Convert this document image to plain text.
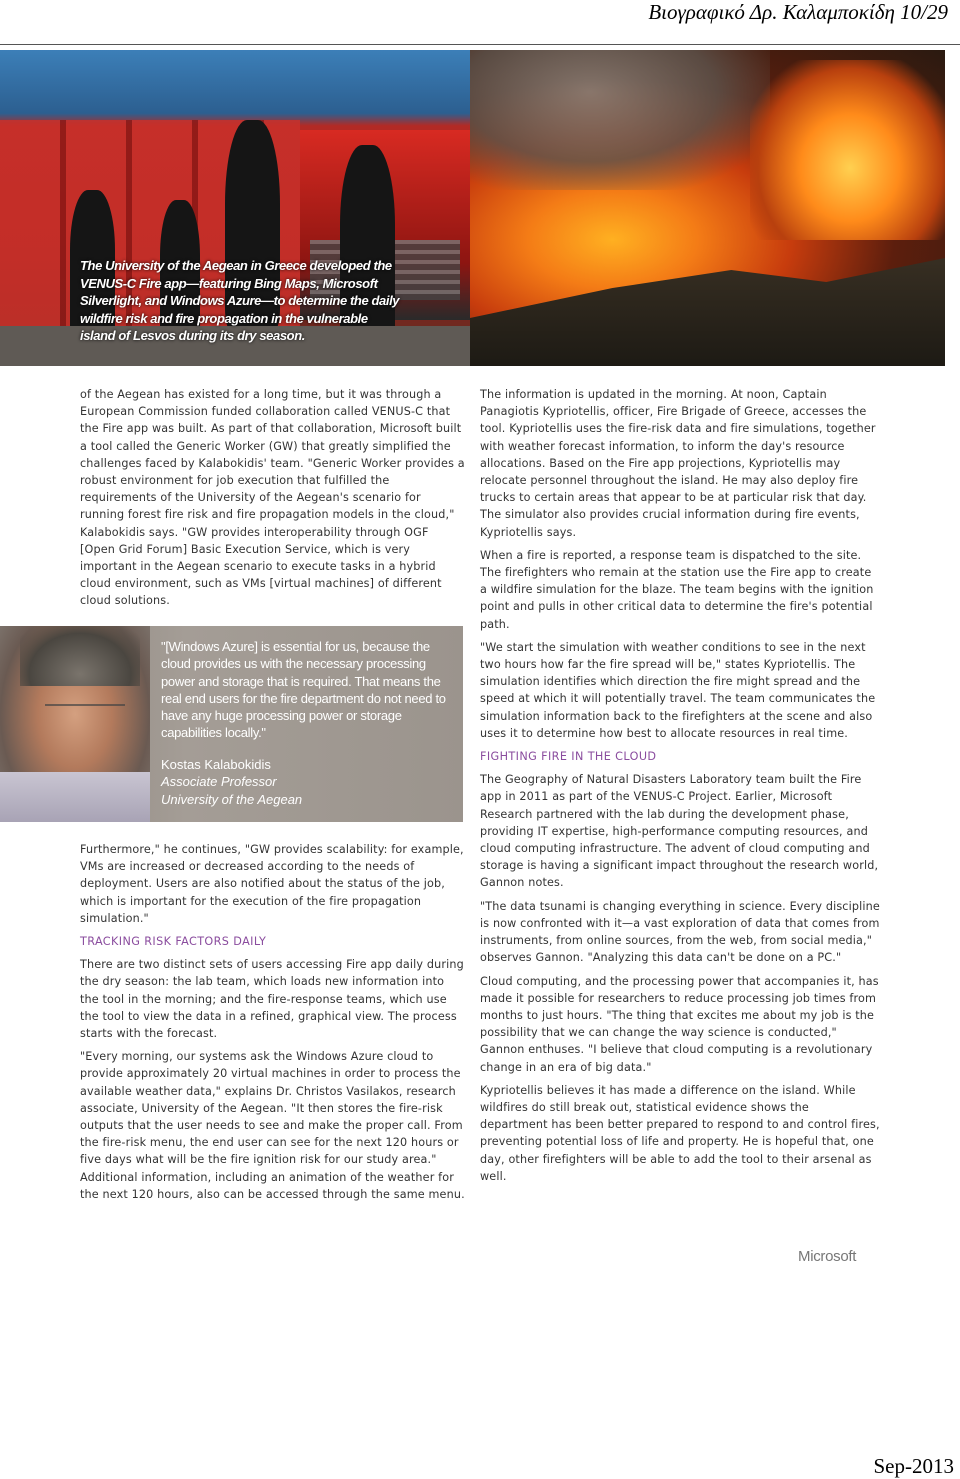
Βιογραφικό Δρ. Καλαμποκίδη 10/29
The University of the Aegean in Greece developed the VENUS-C Fire app—featuring Bing Maps, Microsoft Silverlight, and Windows Azure—to determine the daily wildfire risk and fire propagation in the vulnerable island of Lesvos during its dry season.

of the Aegean has existed for a long time, but it was through a European Commission funded collaboration called VENUS-C that the Fire app was built. As part of that collaboration, Microsoft built a tool called the Generic Worker (GW) that greatly simplified the challenges faced by Kalabokidis' team. "Generic Worker provides a robust environment for job execution that fulfilled the requirements of the University of the Aegean's scenario for running forest fire risk and fire propagation models in the cloud," Kalabokidis says. "GW provides interoperability through OGF [Open Grid Forum] Basic Execution Service, which is very important in the Aegean scenario to execute tasks in a hybrid cloud environment, such as VMs [virtual machines] of different cloud solutions.

"[Windows Azure] is essential for us, because the cloud provides us with the necessary processing power and storage that is required. That means the real end users for the fire department do not need to have any huge processing power or storage capabilities locally."
Kostas Kalabokidis
Associate Professor
University of the Aegean

Furthermore," he continues, "GW provides scalability: for example, VMs are increased or decreased according to the needs of deployment. Users are also notified about the status of the job, which is important for the execution of the fire propagation simulation."

TRACKING RISK FACTORS DAILY

There are two distinct sets of users accessing Fire app daily during the dry season: the lab team, which loads new information into the tool in the morning; and the fire-response teams, which use the tool to view the data in a refined, graphical view. The process starts with the forecast.

"Every morning, our systems ask the Windows Azure cloud to provide approximately 20 virtual machines in order to process the available weather data," explains Dr. Christos Vasilakos, research associate, University of the Aegean. "It then stores the fire-risk outputs that the user needs to see and make the proper call. From the fire-risk menu, the end user can see for the next 120 hours or five days what will be the fire ignition risk for our study area." Additional information, including an animation of the weather for the next 120 hours, also can be accessed through the same menu.

The information is updated in the morning. At noon, Captain Panagiotis Kypriotellis, officer, Fire Brigade of Greece, accesses the tool. Kypriotellis uses the fire-risk data and fire simulations, together with weather forecast information, to inform the day's resource allocations. Based on the Fire app projections, Kypriotellis may relocate personnel throughout the island. He may also deploy fire trucks to certain areas that appear to be at particular risk that day. The simulator also provides crucial information during fire events, Kypriotellis says.

When a fire is reported, a response team is dispatched to the site. The firefighters who remain at the station use the Fire app to create a wildfire simulation for the blaze. The team begins with the ignition point and pulls in other critical data to determine the fire's potential path.

"We start the simulation with weather conditions to see in the next two hours how far the fire spread will be," states Kypriotellis. The simulation identifies which direction the fire might spread and the speed at which it will potentially travel. The team communicates the simulation information back to the firefighters at the scene and also uses it to determine how best to allocate resources in real time.

FIGHTING FIRE IN THE CLOUD

The Geography of Natural Disasters Laboratory team built the Fire app in 2011 as part of the VENUS-C Project. Earlier, Microsoft Research partnered with the lab during the development phase, providing IT expertise, high-performance computing resources, and cloud computing infrastructure. The advent of cloud computing and storage is having a significant impact throughout the research world, Gannon notes.

"The data tsunami is changing everything in science. Every discipline is now confronted with it—a vast exploration of data that comes from instruments, from online sources, from the web, from social media," observes Gannon. "Analyzing this data can't be done on a PC."

Cloud computing, and the processing power that accompanies it, has made it possible for researchers to reduce processing job times from months to just hours. "The thing that excites me about my job is the possibility that we can change the way science is conducted," Gannon enthuses. "I believe that cloud computing is a revolutionary change in an era of big data."

Kypriotellis believes it has made a difference on the island. While wildfires do still break out, statistical evidence shows the department has been better prepared to respond to and control fires, preventing potential loss of life and property. He is hopeful that, one day, other firefighters will be able to add the tool to their arsenal as well.

Microsoft
Sep-2013
